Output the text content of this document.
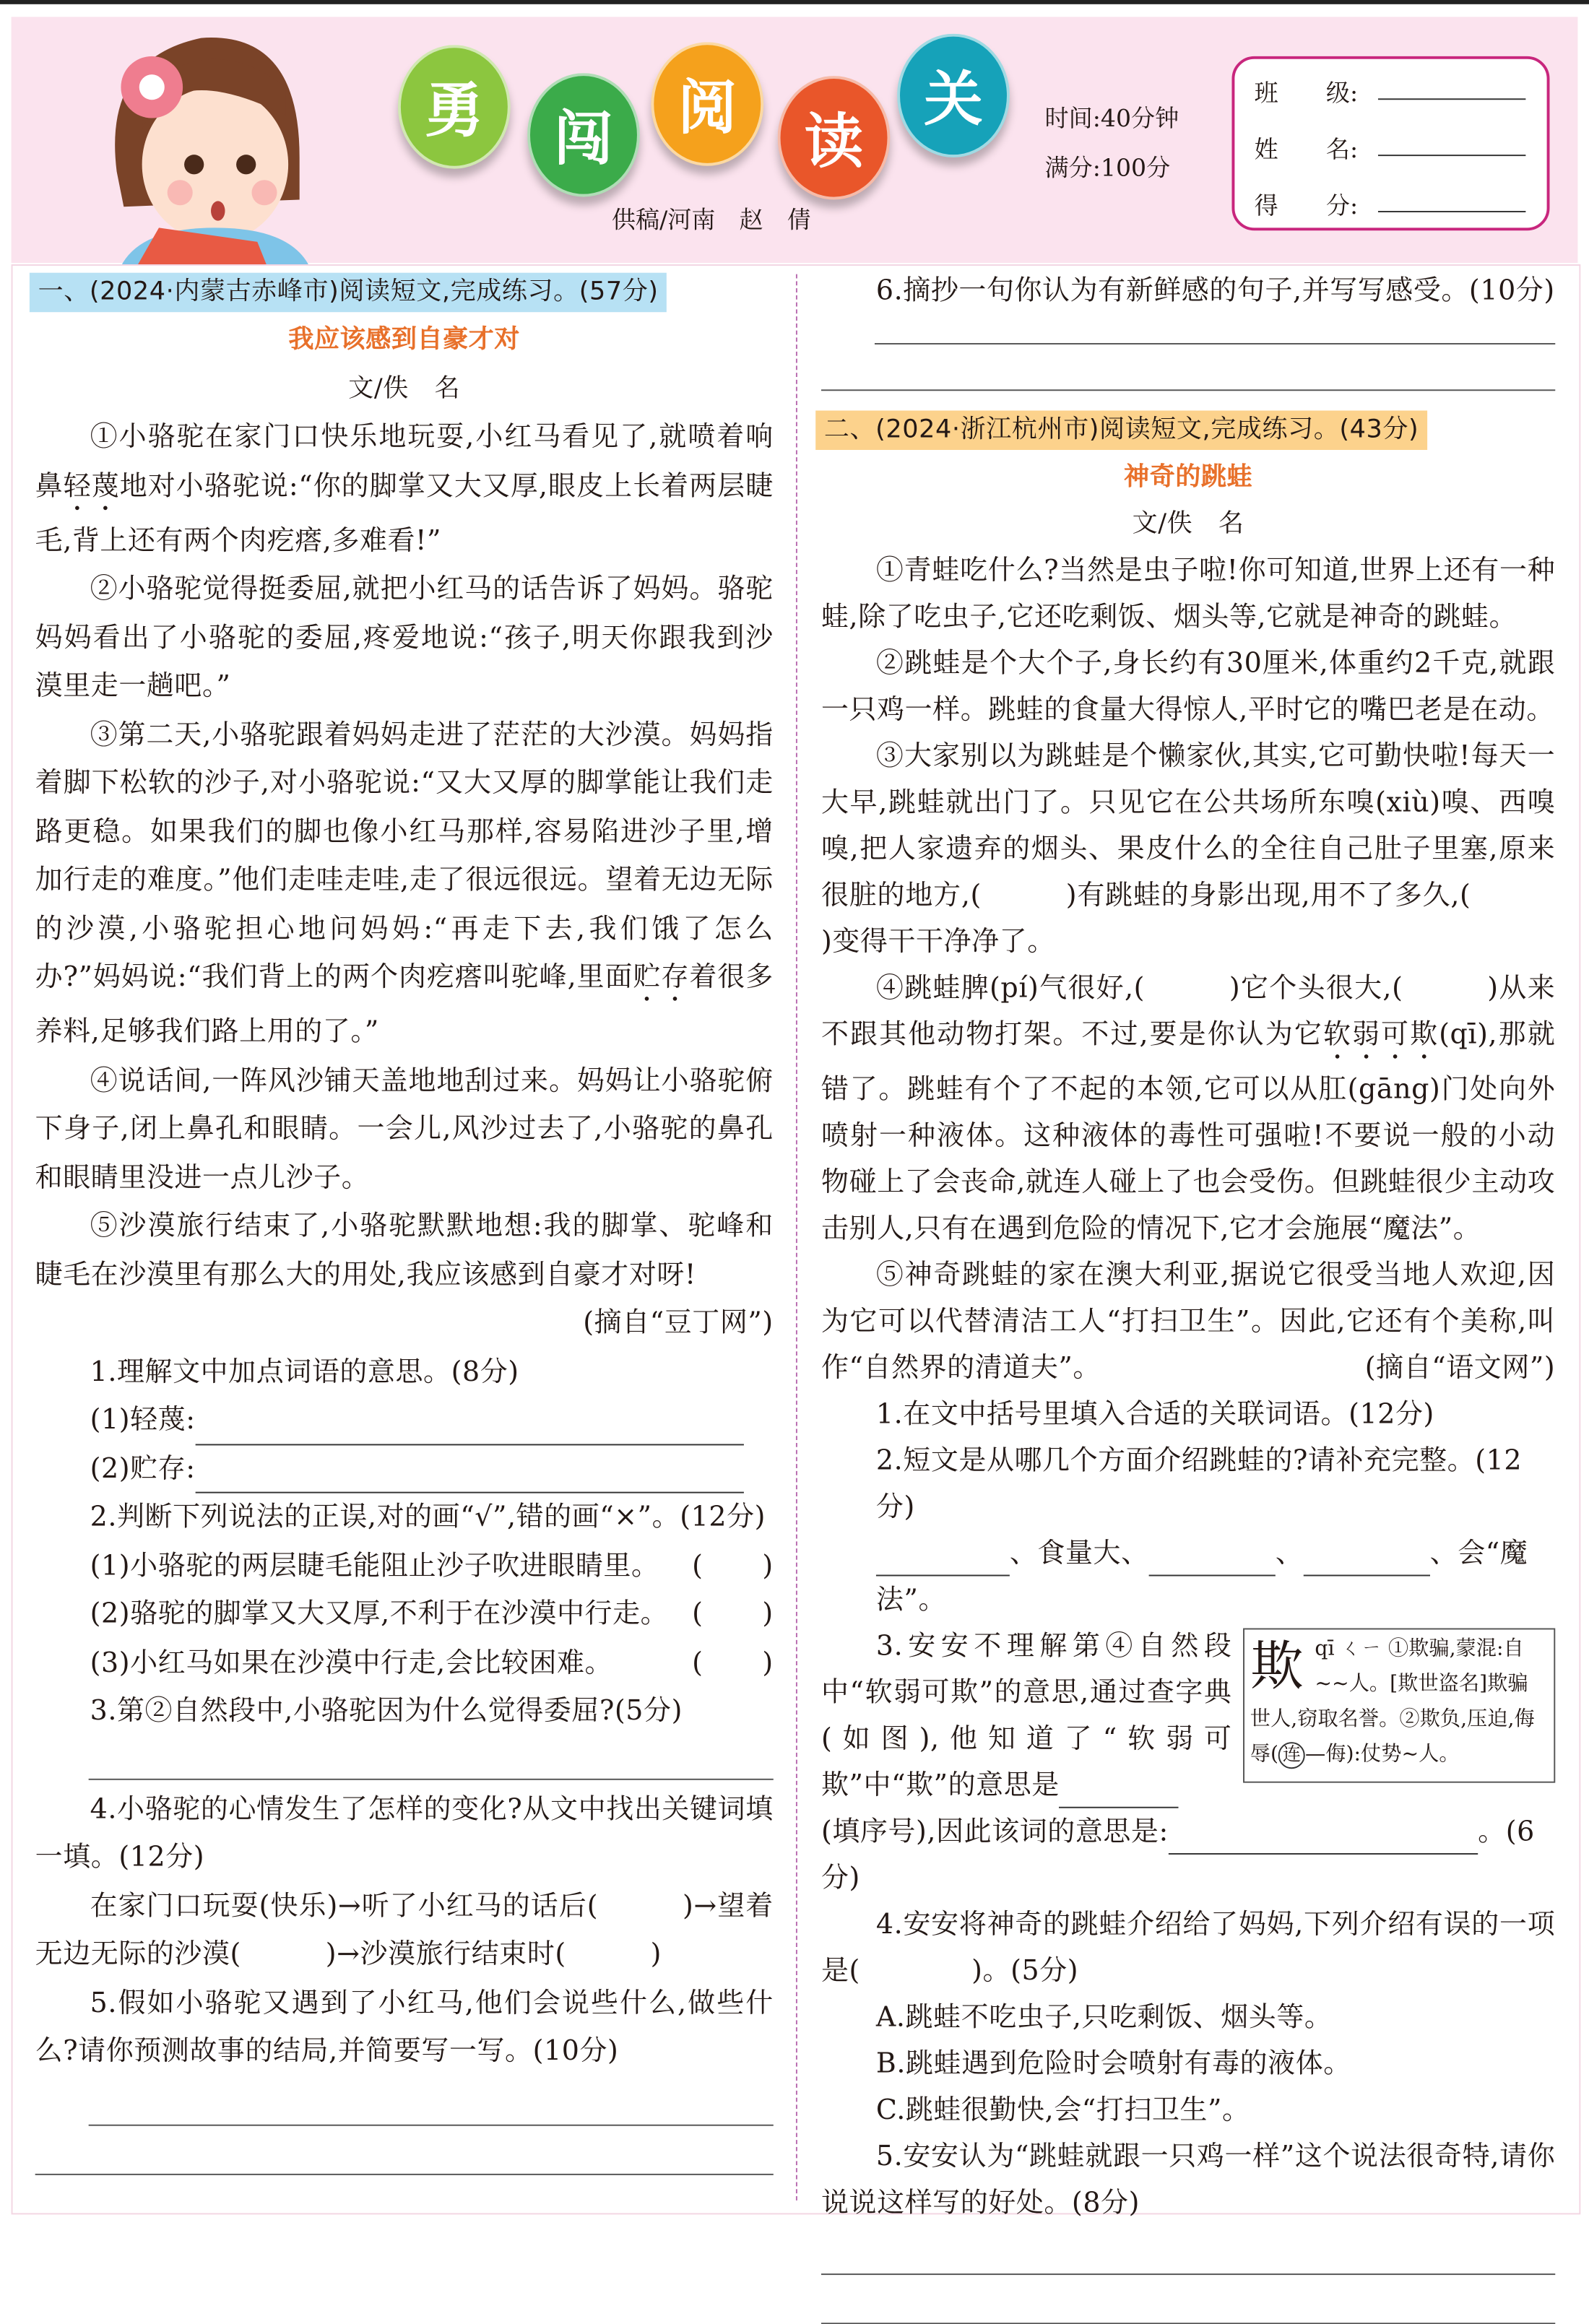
勇	闯	阅	读
关	时间:40分钟
满分:100分
供稿/河南　赵　倩
班　　级:
姓　　名:
得　　分:
一、(2024·内蒙古赤峰市)阅读短文,完成练习。(57分)
我应该感到自豪才对
文/佚　名

①小骆驼在家门口快乐地玩耍,小红马看见了,就喷着响鼻轻蔑地对小骆驼说:“你的脚掌又大又厚,眼皮上长着两层睫毛,背上还有两个肉疙瘩,多难看!”

②小骆驼觉得挺委屈,就把小红马的话告诉了妈妈。骆驼妈妈看出了小骆驼的委屈,疼爱地说:“孩子,明天你跟我到沙漠里走一趟吧。”

③第二天,小骆驼跟着妈妈走进了茫茫的大沙漠。妈妈指着脚下松软的沙子,对小骆驼说:“又大又厚的脚掌能让我们走路更稳。如果我们的脚也像小红马那样,容易陷进沙子里,增加行走的难度。”他们走哇走哇,走了很远很远。望着无边无际的沙漠,小骆驼担心地问妈妈:“再走下去,我们饿了怎么办?”妈妈说:“我们背上的两个肉疙瘩叫驼峰,里面贮存着很多养料,足够我们路上用的了。”

④说话间,一阵风沙铺天盖地地刮过来。妈妈让小骆驼俯下身子,闭上鼻孔和眼睛。一会儿,风沙过去了,小骆驼的鼻孔和眼睛里没进一点儿沙子。

⑤沙漠旅行结束了,小骆驼默默地想:我的脚掌、驼峰和睫毛在沙漠里有那么大的用处,我应该感到自豪才对呀!

(摘自“豆丁网”)

1.理解文中加点词语的意思。(8分)

(1)轻蔑:

(2)贮存:

2.判断下列说法的正误,对的画“√”,错的画“×”。(12分)

(1)小骆驼的两层睫毛能阻止沙子吹进眼睛里。 (	)

(2)骆驼的脚掌又大又厚,不利于在沙漠中行走。 (	)

(3)小红马如果在沙漠中行走,会比较困难。	(	)

3.第②自然段中,小骆驼因为什么觉得委屈?(5分)

4.小骆驼的心情发生了怎样的变化?从文中找出关键词填一填。(12分)

在家门口玩耍(快乐)→听了小红马的话后(	)→望着无边无际的沙漠(	)→沙漠旅行结束时(	)

5.假如小骆驼又遇到了小红马,他们会说些什么,做些什么?请你预测故事的结局,并简要写一写。(10分)

6.摘抄一句你认为有新鲜感的句子,并写写感受。(10分)

二、(2024·浙江杭州市)阅读短文,完成练习。(43分)
神奇的跳蛙
文/佚　名

①青蛙吃什么?当然是虫子啦!你可知道,世界上还有一种蛙,除了吃虫子,它还吃剩饭、烟头等,它就是神奇的跳蛙。

②跳蛙是个大个子,身长约有30厘米,体重约2千克,就跟一只鸡一样。跳蛙的食量大得惊人,平时它的嘴巴老是在动。

③大家别以为跳蛙是个懒家伙,其实,它可勤快啦!每天一大早,跳蛙就出门了。只见它在公共场所东嗅(xiù)嗅、西嗅嗅,把人家遗弃的烟头、果皮什么的全往自己肚子里塞,原来很脏的地方,(	)有跳蛙的身影出现,用不了多久,()变得干干净净了。

④跳蛙脾(pí)气很好,(	)它个头很大,(	)从来不跟其他动物打架。不过,要是你认为它软弱可欺(qī),那就错了。跳蛙有个了不起的本领,它可以从肛(gāng)门处向外喷射一种液体。这种液体的毒性可强啦!不要说一般的小动物碰上了会丧命,就连人碰上了也会受伤。但跳蛙很少主动攻击别人,只有在遇到危险的情况下,它才会施展“魔法”。

⑤神奇跳蛙的家在澳大利亚,据说它很受当地人欢迎,因为它可以代替清洁工人“打扫卫生”。因此,它还有个美称,叫作“自然界的清道夫”。	(摘自“语文网”)

1.在文中括号里填入合适的关联词语。(12分)

2.短文是从哪几个方面介绍跳蛙的?请补充完整。(12分)

、食量大、	、	、会“魔法”。

3.安安不理解第④自然段中“软弱可欺”的意思,通过查字典(如图),他知道了“软弱可欺”中“欺”的意思是
欺 qī ㄑㄧ ①欺骗,蒙混:自~~人。[欺世盗名]欺骗世人,窃取名誉。②欺负,压迫,侮辱( 连 —侮):仗势~人。

(填序号),因此该词的意思是:	。(6分)

4.安安将神奇的跳蛙介绍给了妈妈,下列介绍有误的一项是(　　　　)。(5分)

A.跳蛙不吃虫子,只吃剩饭、烟头等。

B.跳蛙遇到危险时会喷射有毒的液体。

C.跳蛙很勤快,会“打扫卫生”。

5.安安认为“跳蛙就跟一只鸡一样”这个说法很奇特,请你说说这样写的好处。(8分)
